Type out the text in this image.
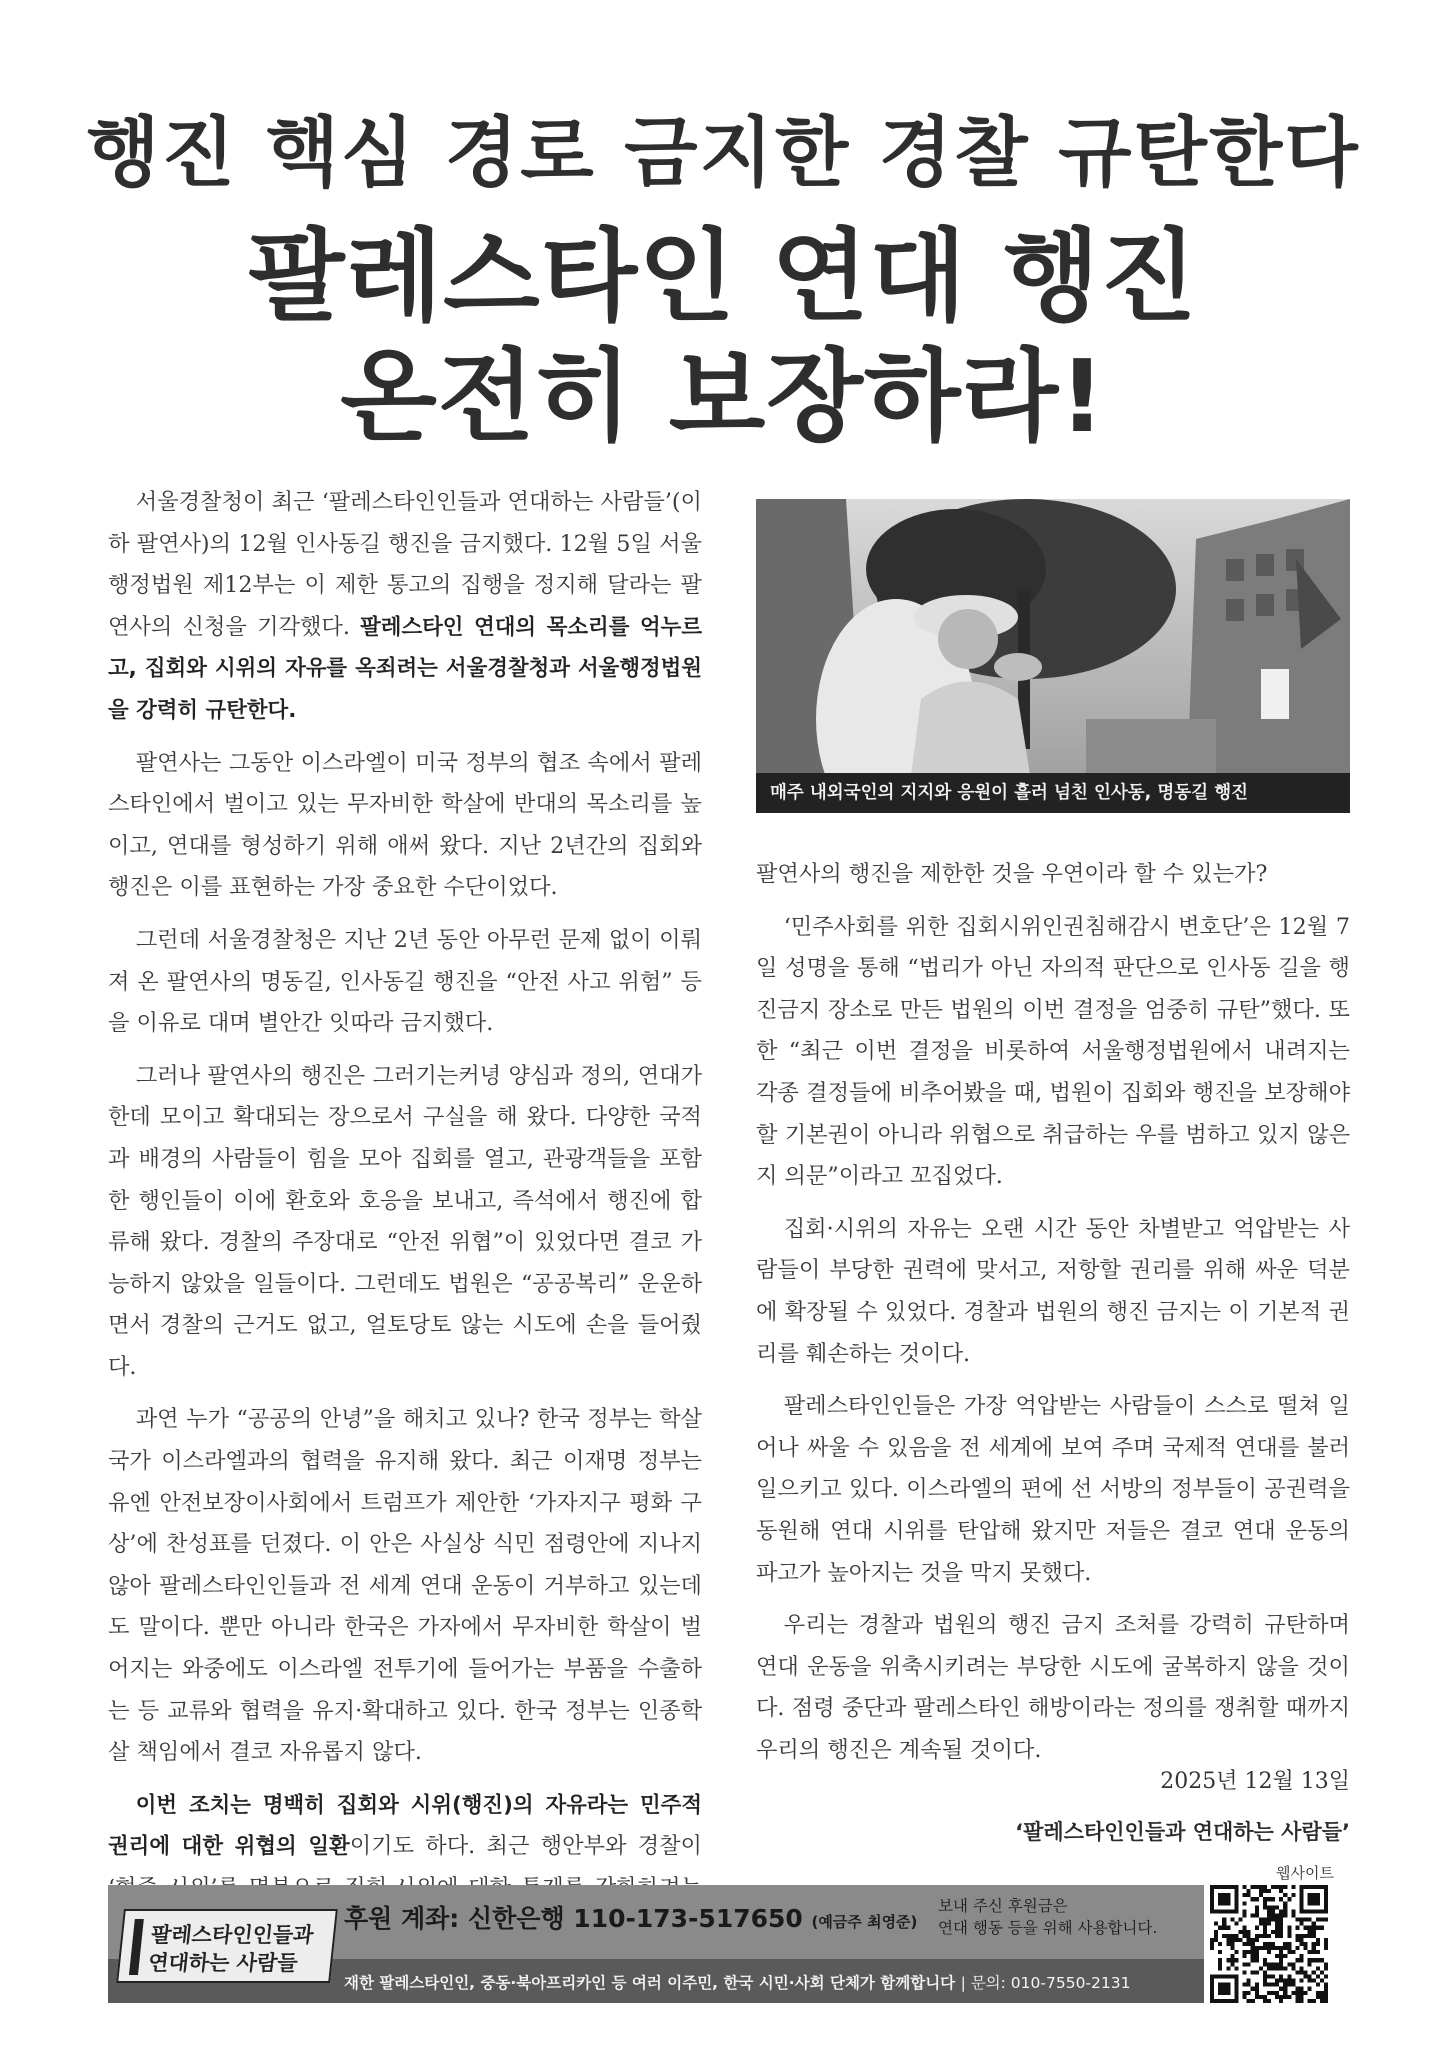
행진 핵심 경로 금지한 경찰 규탄한다
팔레스타인 연대 행진
온전히 보장하라!

서울경찰청이 최근 ‘팔레스타인인들과 연대하는 사람들’(이하 팔연사)의 12월 인사동길 행진을 금지했다. 12월 5일 서울행정법원 제12부는 이 제한 통고의 집행을 정지해 달라는 팔연사의 신청을 기각했다. 팔레스타인 연대의 목소리를 억누르고, 집회와 시위의 자유를 옥죄려는 서울경찰청과 서울행정법원을 강력히 규탄한다.

팔연사는 그동안 이스라엘이 미국 정부의 협조 속에서 팔레스타인에서 벌이고 있는 무자비한 학살에 반대의 목소리를 높이고, 연대를 형성하기 위해 애써 왔다. 지난 2년간의 집회와 행진은 이를 표현하는 가장 중요한 수단이었다.

그런데 서울경찰청은 지난 2년 동안 아무런 문제 없이 이뤄져 온 팔연사의 명동길, 인사동길 행진을 “안전 사고 위험” 등을 이유로 대며 별안간 잇따라 금지했다.

그러나 팔연사의 행진은 그러기는커녕 양심과 정의, 연대가 한데 모이고 확대되는 장으로서 구실을 해 왔다. 다양한 국적과 배경의 사람들이 힘을 모아 집회를 열고, 관광객들을 포함한 행인들이 이에 환호와 호응을 보내고, 즉석에서 행진에 합류해 왔다. 경찰의 주장대로 “안전 위협”이 있었다면 결코 가능하지 않았을 일들이다. 그런데도 법원은 “공공복리” 운운하면서 경찰의 근거도 없고, 얼토당토 않는 시도에 손을 들어줬다.

과연 누가 “공공의 안녕”을 해치고 있나? 한국 정부는 학살 국가 이스라엘과의 협력을 유지해 왔다. 최근 이재명 정부는 유엔 안전보장이사회에서 트럼프가 제안한 ‘가자지구 평화 구상’에 찬성표를 던졌다. 이 안은 사실상 식민 점령안에 지나지 않아 팔레스타인인들과 전 세계 연대 운동이 거부하고 있는데도 말이다. 뿐만 아니라 한국은 가자에서 무자비한 학살이 벌어지는 와중에도 이스라엘 전투기에 들어가는 부품을 수출하는 등 교류와 협력을 유지·확대하고 있다. 한국 정부는 인종학살 책임에서 결코 자유롭지 않다.

이번 조치는 명백히 집회와 시위(행진)의 자유라는 민주적 권리에 대한 위협의 일환이기도 하다. 최근 행안부와 경찰이

매주 내외국인의 지지와 응원이 흘러 넘친 인사동, 명동길 행진

팔연사의 행진을 제한한 것을 우연이라 할 수 있는가?

‘민주사회를 위한 집회시위인권침해감시 변호단’은 12월 7일 성명을 통해 “법리가 아닌 자의적 판단으로 인사동 길을 행진금지 장소로 만든 법원의 이번 결정을 엄중히 규탄”했다. 또한 “최근 이번 결정을 비롯하여 서울행정법원에서 내려지는 각종 결정들에 비추어봤을 때, 법원이 집회와 행진을 보장해야할 기본권이 아니라 위협으로 취급하는 우를 범하고 있지 않은지 의문”이라고 꼬집었다.

집회·시위의 자유는 오랜 시간 동안 차별받고 억압받는 사람들이 부당한 권력에 맞서고, 저항할 권리를 위해 싸운 덕분에 확장될 수 있었다. 경찰과 법원의 행진 금지는 이 기본적 권리를 훼손하는 것이다.

팔레스타인인들은 가장 억압받는 사람들이 스스로 떨쳐 일어나 싸울 수 있음을 전 세계에 보여 주며 국제적 연대를 불러 일으키고 있다. 이스라엘의 편에 선 서방의 정부들이 공권력을 동원해 연대 시위를 탄압해 왔지만 저들은 결코 연대 운동의 파고가 높아지는 것을 막지 못했다.

우리는 경찰과 법원의 행진 금지 조처를 강력히 규탄하며 연대 운동을 위축시키려는 부당한 시도에 굴복하지 않을 것이다. 점령 중단과 팔레스타인 해방이라는 정의를 쟁취할 때까지 우리의 행진은 계속될 것이다.

2025년 12월 13일
‘팔레스타인인들과 연대하는 사람들’
웹사이트
재한 팔레스타인인, 중동·북아프리카인 등 여러 이주민, 한국 시민·사회 단체가 함께합니다 | 문의: 010-7550-2131
팔레스타인인들과
연대하는 사람들
후원 계좌: 신한은행 110-173-517650 (예금주 최영준)
보내 주신 후원금은
연대 행동 등을 위해 사용합니다.
